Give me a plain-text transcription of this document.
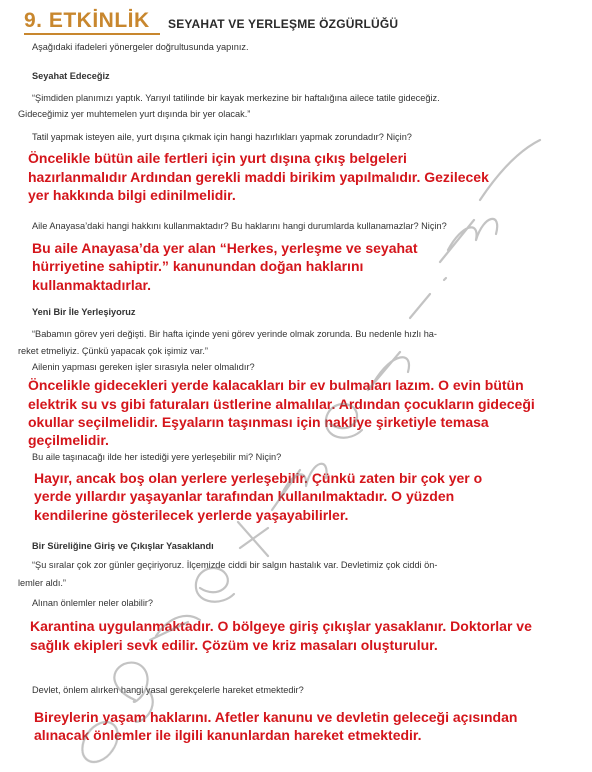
9. ETKİNLİK SEYAHAT VE YERLEŞME ÖZGÜRLÜĞÜ
Aşağıdaki ifadeleri yönergeler doğrultusunda yapınız.
Seyahat Edeceğiz
“Şimdiden planımızı yaptık. Yarıyıl tatilinde bir kayak merkezine bir haftalığına ailece tatile gideceğiz.
Gideceğimiz yer muhtemelen yurt dışında bir yer olacak.”
Tatil yapmak isteyen aile, yurt dışına çıkmak için hangi hazırlıkları yapmak zorundadır? Niçin?
Öncelikle bütün aile fertleri için yurt dışına çıkış belgeleri
hazırlanmalıdır Ardından gerekli maddi birikim yapılmalıdır. Gezilecek
yer hakkında bilgi edinilmelidir.
Aile Anayasa’daki hangi hakkını kullanmaktadır? Bu haklarını hangi durumlarda kullanamazlar? Niçin?
Bu aile Anayasa’da yer alan “Herkes, yerleşme ve seyahat
hürriyetine sahiptir.” kanunundan doğan haklarını
kullanmaktadırlar.
Yeni Bir İle Yerleşiyoruz
“Babamın görev yeri değişti. Bir hafta içinde yeni görev yerinde olmak zorunda. Bu nedenle hızlı ha-
reket etmeliyiz. Çünkü yapacak çok işimiz var.”
Ailenin yapması gereken işler sırasıyla neler olmalıdır?
Öncelikle gidecekleri yerde kalacakları bir ev bulmaları lazım. O evin bütün
elektrik su vs gibi faturaları üstlerine almalılar. Ardından çocukların gideceği
okullar seçilmelidir. Eşyaların taşınması için nakliye şirketiyle temasa
geçilmelidir.
Bu aile taşınacağı ilde her istediği yere yerleşebilir mi? Niçin?
Hayır, ancak boş olan yerlere yerleşebilir. Çünkü zaten bir çok yer o
yerde yıllardır yaşayanlar tarafından kullanılmaktadır. O yüzden
kendilerine gösterilecek yerlerde yaşayabilirler.
Bir Süreliğine Giriş ve Çıkışlar Yasaklandı
“Şu sıralar çok zor günler geçiriyoruz. İlçemizde ciddi bir salgın hastalık var. Devletimiz çok ciddi ön-
lemler aldı.”
Alınan önlemler neler olabilir?
Karantina uygulanmaktadır. O bölgeye giriş çıkışlar yasaklanır. Doktorlar ve
sağlık ekipleri sevk edilir. Çözüm ve kriz masaları oluşturulur.
Devlet, önlem alırken hangi yasal gerekçelerle hareket etmektedir?
Bireylerin yaşam haklarını. Afetler kanunu ve devletin geleceği açısından
alınacak önlemler ile ilgili kanunlardan hareket etmektedir.
